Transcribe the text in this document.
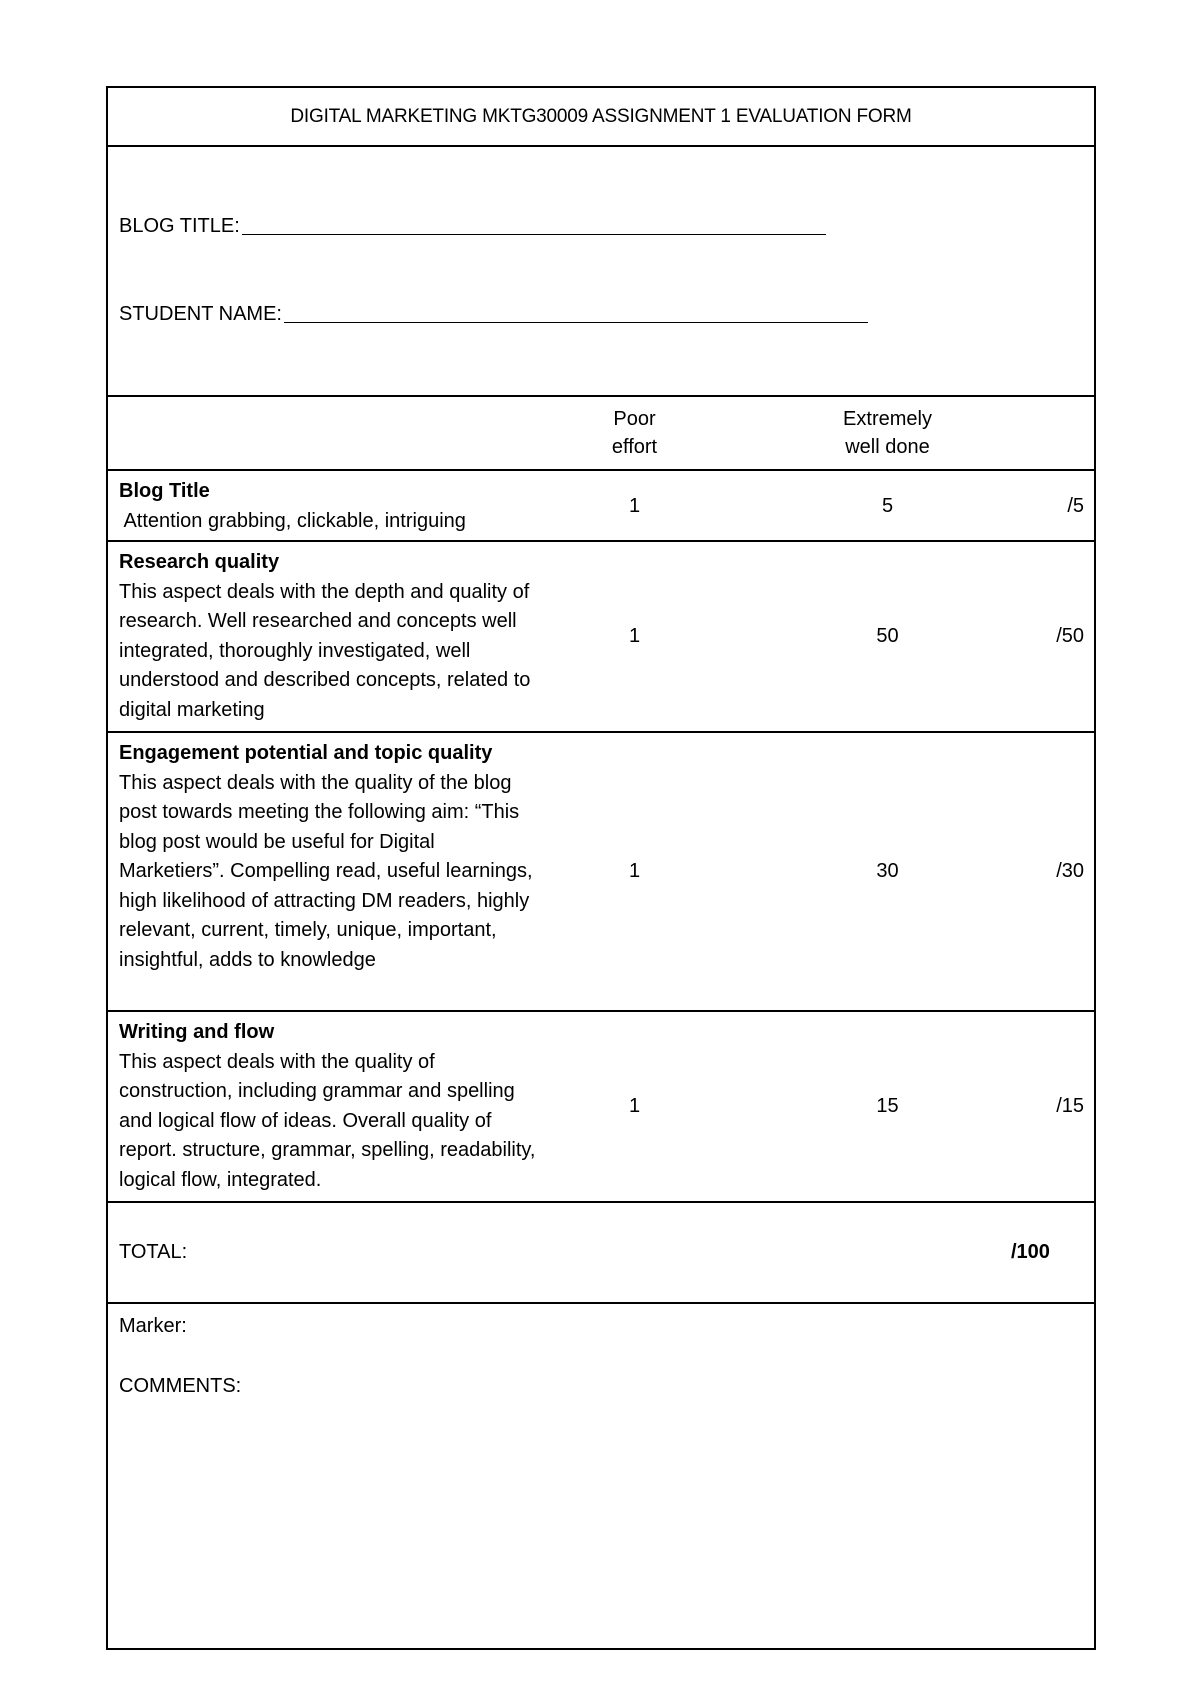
DIGITAL MARKETING MKTG30009 ASSIGNMENT 1 EVALUATION FORM
BLOG TITLE:
STUDENT NAME:
Poor
effort
Extremely
well done
Blog Title
Attention grabbing, clickable, intriguing
1	5	/5
Research quality
This aspect deals with the depth and quality of research. Well researched and concepts well integrated, thoroughly investigated, well understood and described concepts, related to digital marketing
1	50	/50
Engagement potential and topic quality
This aspect deals with the quality of the blog post towards meeting the following aim: “This blog post would be useful for Digital Marketiers”. Compelling read, useful learnings, high likelihood of attracting DM readers, highly relevant, current, timely, unique, important, insightful, adds to knowledge
1	30	/30
Writing and flow
This aspect deals with the quality of construction, including grammar and spelling and logical flow of ideas. Overall quality of report. structure, grammar, spelling, readability, logical flow, integrated.
1	15	/15
TOTAL:	/100
Marker:
COMMENTS:
